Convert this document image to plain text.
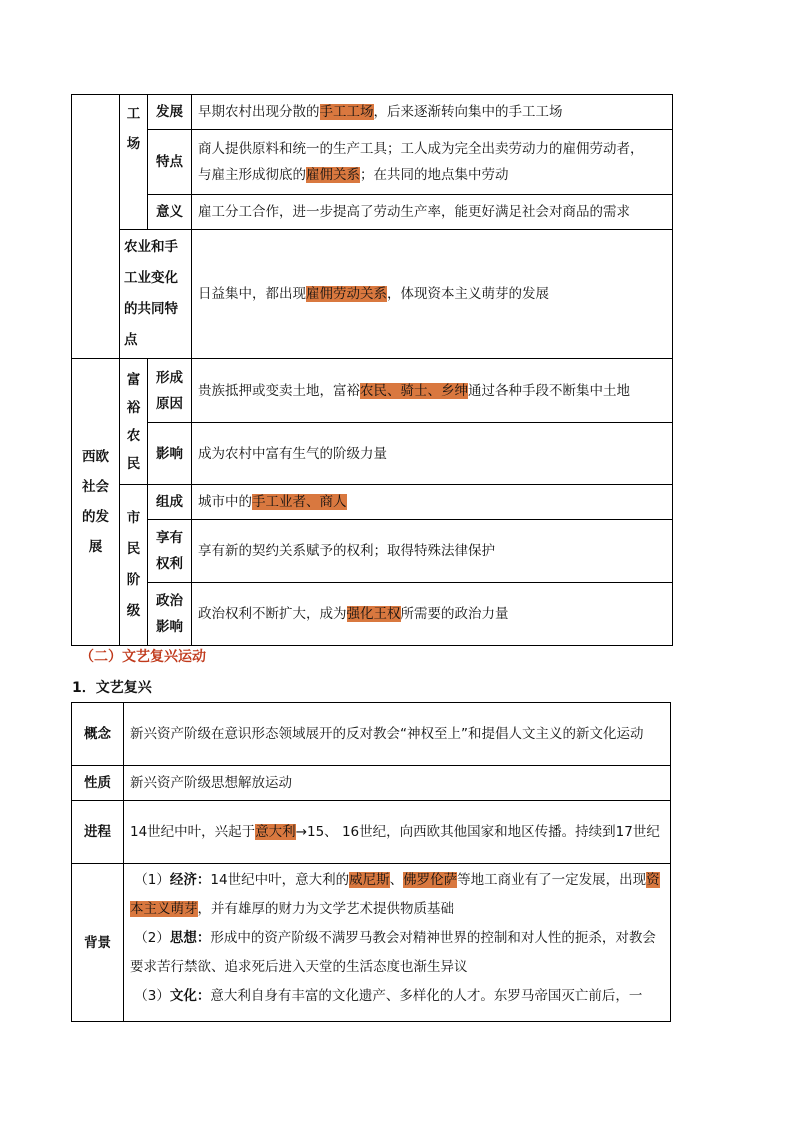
	工场	发展	早期农村出现分散的手工工场，后来逐渐转向集中的手工工场
		特点	商人提供原料和统一的生产工具；工人成为完全出卖劳动力的雇佣劳动者，
与雇主形成彻底的雇佣关系；在共同的地点集中劳动

		意义	雇工分工合作，进一步提高了劳动生产率，能更好满足社会对商品的需求

	农业和手工业变化的共同特点		日益集中，都出现雇佣劳动关系，体现资本主义萌芽的发展

西欧社会的发展	富裕农民	形成原因	贵族抵押或变卖土地，富裕农民、骑士、乡绅通过各种手段不断集中土地
		影响	成为农村中富有生气的阶级力量

	市民阶级	组成	城市中的手工业者、商人

		享有权利	享有新的契约关系赋予的权利；取得特殊法律保护

		政治影响	政治权利不断扩大，成为强化王权所需要的政治力量
（二）文艺复兴运动
1．文艺复兴
概念	新兴资产阶级在意识形态领域展开的反对教会“神权至上”和提倡人文主义的新文化运动
性质	新兴资产阶级思想解放运动
进程	14世纪中叶，兴起于意大利→15、 16世纪，向西欧其他国家和地区传播。持续到17世纪
背景	（1）经济：14世纪中叶，意大利的威尼斯、佛罗伦萨等地工商业有了一定发展，出现资本主义萌芽，并有雄厚的财力为文学艺术提供物质基础
（2）思想：形成中的资产阶级不满罗马教会对精神世界的控制和对人性的扼杀，对教会要求苦行禁欲、追求死后进入天堂的生活态度也渐生异议
（3）文化：意大利自身有丰富的文化遗产、多样化的人才。东罗马帝国灭亡前后，一
